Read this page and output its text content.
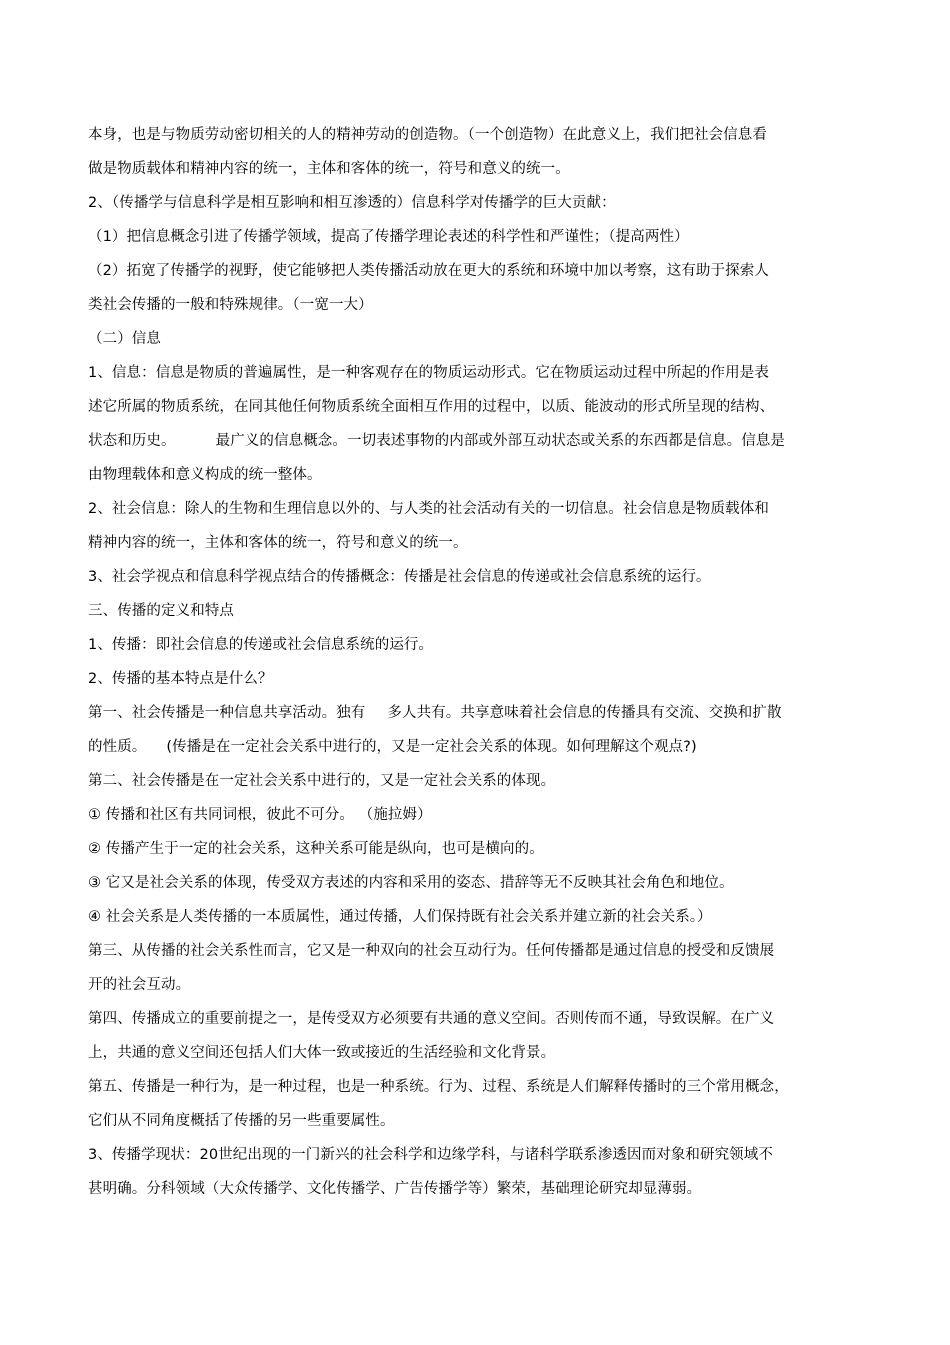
本身，也是与物质劳动密切相关的人的精神劳动的创造物。（一个创造物）在此意义上，我们把社会信息看
做是物质载体和精神内容的统一，主体和客体的统一，符号和意义的统一。
2、（传播学与信息科学是相互影响和相互渗透的）信息科学对传播学的巨大贡献：
（1）把信息概念引进了传播学领域，提高了传播学理论表述的科学性和严谨性；（提高两性）
（2）拓宽了传播学的视野，使它能够把人类传播活动放在更大的系统和环境中加以考察，这有助于探索人
类社会传播的一般和特殊规律。（一宽一大）
（二）信息
1、信息：信息是物质的普遍属性，是一种客观存在的物质运动形式。它在物质运动过程中所起的作用是表
述它所属的物质系统，在同其他任何物质系统全面相互作用的过程中，以质、能波动的形式所呈现的结构、
状态和历史。	最广义的信息概念。一切表述事物的内部或外部互动状态或关系的东西都是信息。信息是
由物理载体和意义构成的统一整体。
2、社会信息：除人的生物和生理信息以外的、与人类的社会活动有关的一切信息。社会信息是物质载体和
精神内容的统一，主体和客体的统一，符号和意义的统一。
3、社会学视点和信息科学视点结合的传播概念：传播是社会信息的传递或社会信息系统的运行。
三、传播的定义和特点
1、传播：即社会信息的传递或社会信息系统的运行。
2、传播的基本特点是什么？
第一、社会传播是一种信息共享活动。独有 多人共有。共享意味着社会信息的传播具有交流、交换和扩散
的性质。 (传播是在一定社会关系中进行的，又是一定社会关系的体现。如何理解这个观点?)
第二、社会传播是在一定社会关系中进行的，又是一定社会关系的体现。
① 传播和社区有共同词根，彼此不可分。 （施拉姆）
② 传播产生于一定的社会关系，这种关系可能是纵向，也可是横向的。
③ 它又是社会关系的体现，传受双方表述的内容和采用的姿态、措辞等无不反映其社会角色和地位。
④ 社会关系是人类传播的一本质属性，通过传播，人们保持既有社会关系并建立新的社会关系。）
第三、从传播的社会关系性而言，它又是一种双向的社会互动行为。任何传播都是通过信息的授受和反馈展
开的社会互动。
第四、传播成立的重要前提之一，是传受双方必须要有共通的意义空间。否则传而不通，导致误解。在广义
上，共通的意义空间还包括人们大体一致或接近的生活经验和文化背景。
第五、传播是一种行为，是一种过程，也是一种系统。行为、过程、系统是人们解释传播时的三个常用概念，
它们从不同角度概括了传播的另一些重要属性。
3、传播学现状：20世纪出现的一门新兴的社会科学和边缘学科，与诸科学联系渗透因而对象和研究领域不
甚明确。分科领域（大众传播学、文化传播学、广告传播学等）繁荣，基础理论研究却显薄弱。
